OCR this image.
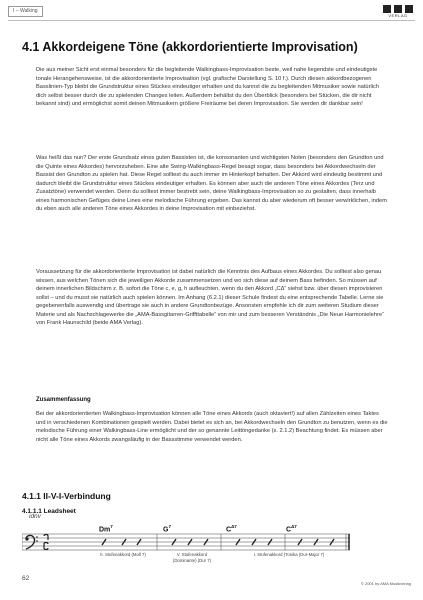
I – Walking
VERLAG
4.1 Akkordeigene Töne (akkordorientierte Improvisation)

Die aus meiner Sicht erst einmal besonders für die begleitende Walkingbass-Improvisation beste, weil nahe liegendste und eindeutigste tonale Herangehensweise, ist die akkordorientierte Improvisation (vgl. grafische Darstellung S. 10 f.). Durch diesen akkordbezogenen Basslinien-Typ bleibt die Grundstruktur eines Stückes eindeutiger erhalten und du kannst die zu begleitenden Mitmusiker sowie natürlich dich selbst besser durch die zu spielenden Changes leiten. Außerdem behältst du den Überblick (besonders bei Stücken, die dir nicht bekannt sind) und ermöglichst somit deinen Mitmusikern größere Freiräume bei deren Improvisation. Sie werden dir dankbar sein!

Was heißt das nun? Der erste Grundsatz eines guten Bassisten ist, die konsonanten und wichtigsten Noten (besonders den Grundton und die Quinte eines Akkordes) hervorzuheben. Eine alte Swing-Walkingbass-Regel besagt sogar, dass besonders bei Akkordwechseln der Bassist den Grundton zu spielen hat. Diese Regel solltest du auch immer im Hinterkopf behalten. Der Akkord wird eindeutig bestimmt und dadurch bleibt die Grundstruktur eines Stückes eindeutiger erhalten. Es können aber auch die anderen Töne eines Akkordes (Terz und Zusatztöne) verwendet werden. Denn du solltest immer bestrebt sein, deine Walkingbass-Improvisation so zu gestalten, dass innerhalb eines harmonischen Gefüges deine Lines eine melodische Führung ergeben. Das kannst du aber wiederum oft besser verwirklichen, indem du eben auch alle anderen Töne eines Akkordes in deine Improvisation mit einbeziehst.

Voraussetzung für die akkordorientierte Improvisation ist dabei natürlich die Kenntnis des Aufbaus eines Akkordes. Du solltest also genau wissen, aus welchen Tönen sich die jeweiligen Akkorde zusammensetzen und wo sich diese auf deinem Bass befinden. So müssen auf deinem innerlichen Bildschirm z. B. sofort die Töne c, e, g, h aufleuchten, wenn du den Akkord „CΔ“ siehst bzw. über diesen improvisieren sollst – und du musst sie natürlich auch spielen können. Im Anhang (6.2.1) dieser Schule findest du eine entsprechende Tabelle. Lerne sie gegebenenfalls auswendig und übertrage sie auch in andere Grundtonbezüge. Ansonsten empfehle ich dir zum weiteren Studium dieser Materie und als Nachschlagewerke die „AMA-Bassgitarren-Griffttabelle“ von mir und zum besseren Verständnis „Die Neue Harmonielehre“ von Frank Haunschild (beide AMA Verlag).

Zusammenfassung

Bei der akkordorientierten Walkingbass-Improvisation können alle Töne eines Akkords (auch oktaviert!) auf allen Zählzeiten eines Taktes und in verschiedenen Kombinationen gespielt werden. Dabei bietet es sich an, bei Akkordwechseln den Grundton zu benutzen, wenn es die melodische Führung einer Walkingbass-Line ermöglicht und der so genannte Leittöngedanke (s. 2.1.2) Beachtung findet. Es müssen aber nicht alle Töne eines Akkords zwangsläufig in der Bassstimme verwendet werden.

4.1.1 II-V-I-Verbindung
4.1.1.1 Leadsheet
idnv
Dm$^7$	$G^7$	$C^{\Delta 7}$	$C^{\Delta 7}$
II. Stufenakkord (Moll 7)	V. Stufenakkord
(Dominante) (Dur 7)
I. Stufenakkord (Tonika (Dur-Major 7)
62
© 2001 by AMA Musikverlag
